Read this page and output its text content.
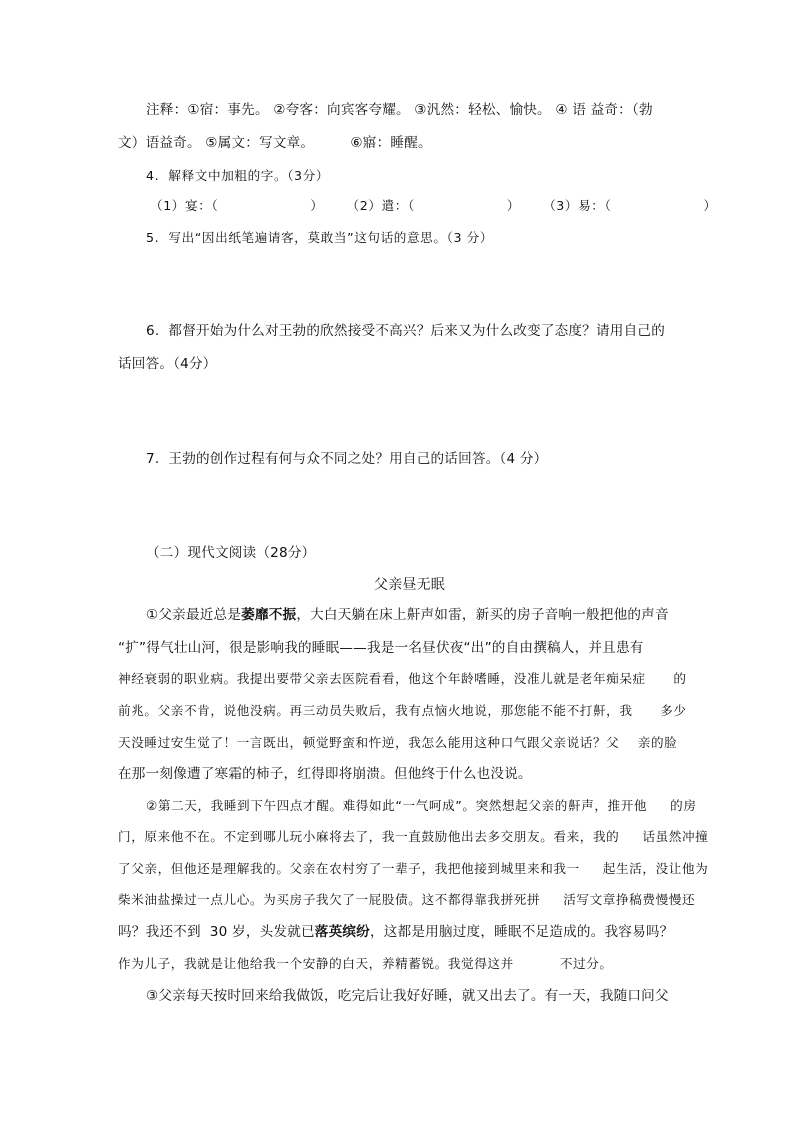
注释：①宿：事先。 ②夸客：向宾客夸耀。 ③汎然：轻松、愉快。 ④ 语 益奇：（勃
文）语益奇。 ⑤属文：写文章。        ⑥寤：睡醒。
4.  解释文中加粗的字。（3分）
（1）宴：（                    ）     （2）遣：（                    ）     （3）易：（                    ）
5.  写出“因出纸笔遍请客，莫敢当”这句话的意思。（3 分）
6.  都督开始为什么对王勃的欣然接受不高兴？后来又为什么改变了态度？请用自己的
话回答。（4分）
7.  王勃的创作过程有何与众不同之处？用自己的话回答。（4 分）
（二）现代文阅读（28分）
父亲昼无眠
①父亲最近总是萎靡不振，大白天躺在床上鼾声如雷，新买的房子音响一般把他的声音
“扩”得气壮山河，很是影响我的睡眠——我是一名昼伏夜“出”的自由撰稿人，并且患有
神经衰弱的职业病。我提出要带父亲去医院看看，他这个年龄嗜睡，没准儿就是老年痴呆症      的
前兆。父亲不肯，说他没病。再三动员失败后，我有点恼火地说，那您能不能不打鼾，我      多少
天没睡过安生觉了！一言既出，顿觉野蛮和忤逆，我怎么能用这种口气跟父亲说话？父    亲的脸
在那一刻像遭了寒霜的柿子，红得即将崩溃。但他终于什么也没说。
②第二天，我睡到下午四点才醒。难得如此“一气呵成”。突然想起父亲的鼾声，推开他     的房
门，原来他不在。不定到哪儿玩小麻将去了，我一直鼓励他出去多交朋友。看来，我的     话虽然冲撞
了父亲，但他还是理解我的。父亲在农村穷了一辈子，我把他接到城里来和我一     起生活，没让他为
柴米油盐操过一点儿心。为买房子我欠了一屁股债。这不都得靠我拼死拼     活写文章挣稿费慢慢还
吗？我还不到  30 岁，头发就已落英缤纷，这都是用脑过度，睡眠不足造成的。我容易吗？
作为儿子，我就是让他给我一个安静的白天，养精蓄锐。我觉得这并          不过分。
③父亲每天按时回来给我做饭，吃完后让我好好睡，就又出去了。有一天，我随口问父
